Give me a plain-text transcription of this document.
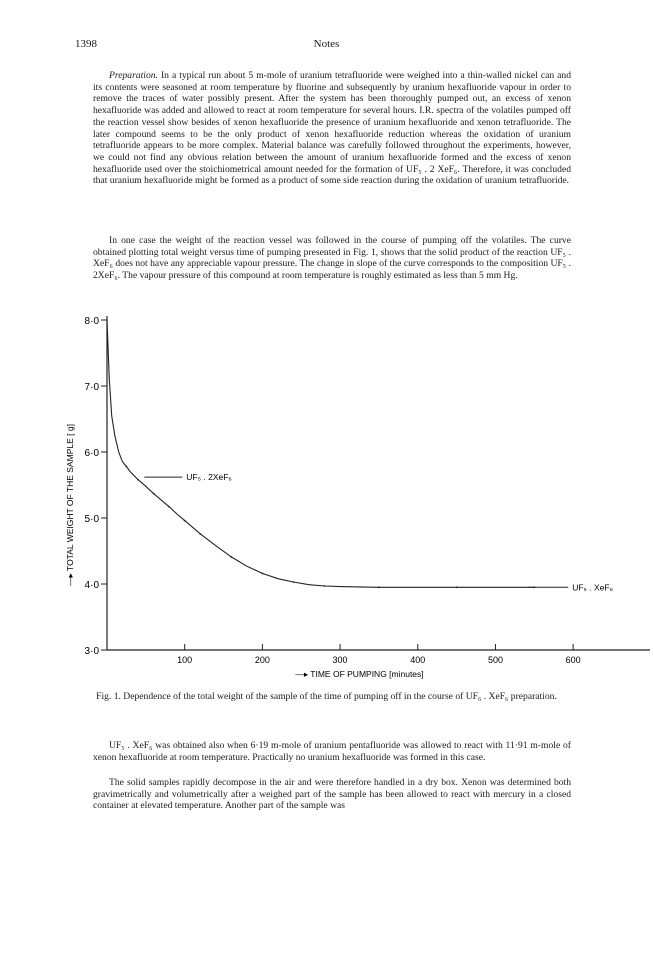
1398	Notes

Preparation. In a typical run about 5 m-mole of uranium tetrafluoride were weighed into a thin-walled nickel can and its contents were seasoned at room temperature by fluorine and subsequently by uranium hexafluoride vapour in order to remove the traces of water possibly present. After the system has been thoroughly pumped out, an excess of xenon hexafluoride was added and allowed to react at room temperature for several hours. I.R. spectra of the volatiles pumped off the reaction vessel show besides of xenon hexafluoride the presence of uranium hexafluoride and xenon tetrafluoride. The later compound seems to be the only product of xenon hexafluoride reduction whereas the oxidation of uranium tetrafluoride appears to be more complex. Material balance was carefully followed throughout the experiments, however, we could not find any obvious relation between the amount of uranium hexafluoride formed and the excess of xenon hexafluoride used over the stoichiometrical amount needed for the formation of UF₅ . 2 XeF₆. Therefore, it was concluded that uranium hexafluoride might be formed as a product of some side reaction during the oxidation of uranium tetrafluoride.

In one case the weight of the reaction vessel was followed in the course of pumping off the volatiles. The curve obtained plotting total weight versus time of pumping presented in Fig. 1, shows that the solid product of the reaction UF₅ . XeF₆ does not have any appreciable vapour pressure. The change in slope of the curve corresponds to the composition UF₅ . 2XeF₆. The vapour pressure of this compound at room temperature is roughly estimated as less than 5 mm Hg.

3·0
4·0
5·0
6·0
7·0
8·0
100	200	300	400	500	600
—▸ TIME OF PUMPING [minutes]
—▸ TOTAL WEIGHT OF THE SAMPLE [ g]	UF₅ . 2XeF₆
UF₅ . XeF₆
Fig. 1. Dependence of the total weight of the sample of the time of pumping off in the course of UF₆ . XeF₆ preparation.

UF₅ . XeF₆ was obtained also when 6·19 m-mole of uranium pentafluoride was allowed to react with 11·91 m-mole of xenon hexafluoride at room temperature. Practically no uranium hexafluoride was formed in this case.

The solid samples rapidly decompose in the air and were therefore handled in a dry box. Xenon was determined both gravimetrically and volumetrically after a weighed part of the sample has been allowed to react with mercury in a closed container at elevated temperature. Another part of the sample was
